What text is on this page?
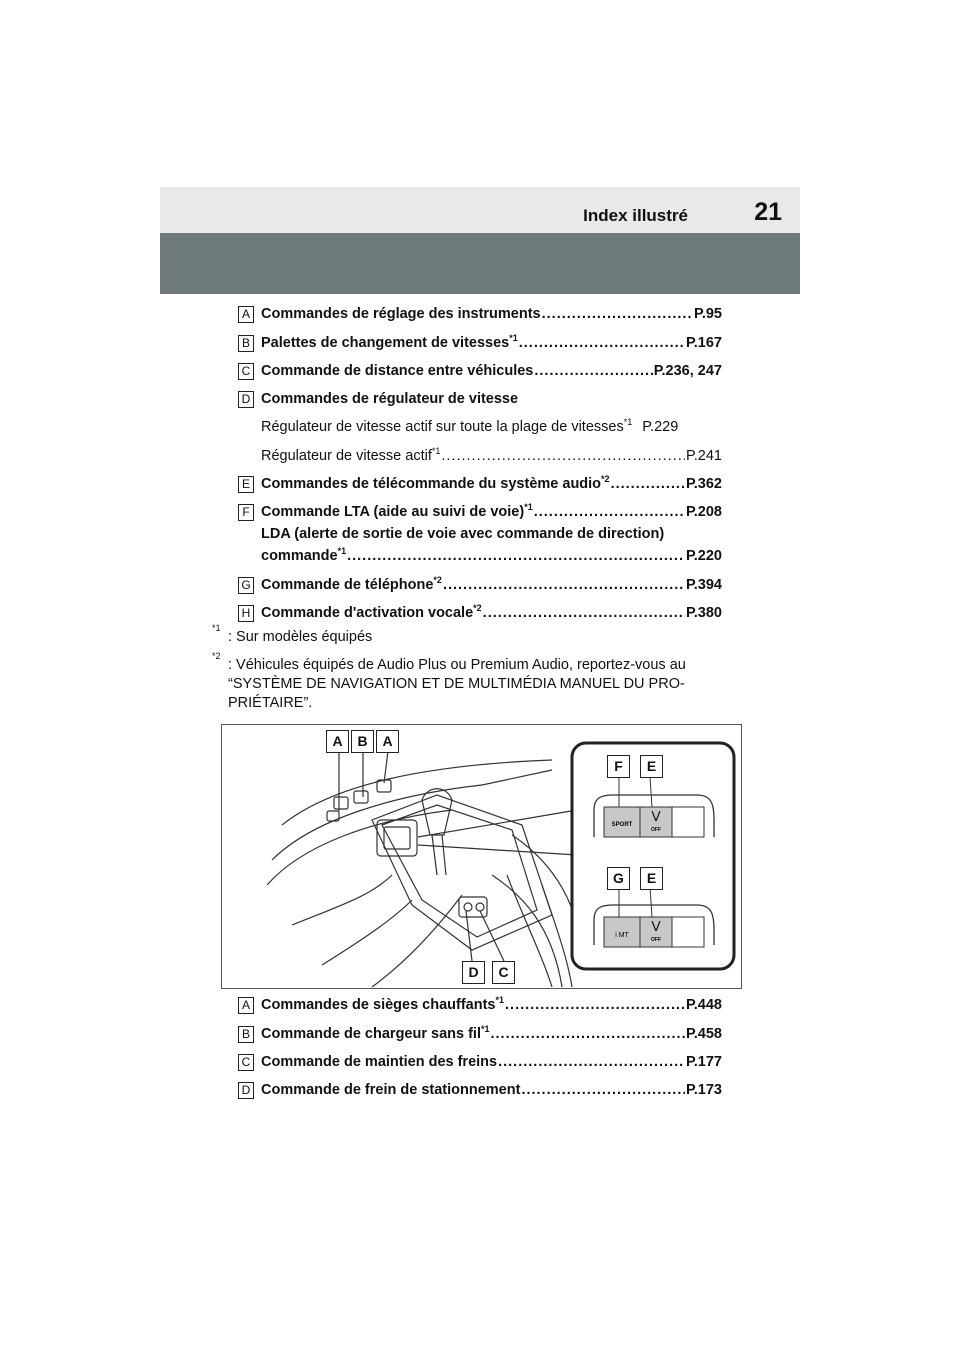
Index illustré	21
A Commandes de réglage des instruments .....	P.95
B Palettes de changement de vitesses$^{*1}$ .....	P.167
C Commande de distance entre véhicules .....	P.236, 247
D Commandes de régulateur de vitesse
Régulateur de vitesse actif sur toute la plage de vitesses$^{*1}$ P.229
Régulateur de vitesse actif$^{*1}$ .....	P.241
E Commandes de télécommande du système audio$^{*2}$ .....	P.362
F Commande LTA (aide au suivi de voie)$^{*1}$ .....	P.208
LDA (alerte de sortie de voie avec commande de direction)
commande$^{*1}$ .....	P.220
G Commande de téléphone$^{*2}$ .....	P.394
H Commande d'activation vocale$^{*2}$ .....	P.380
*1
: Sur modèles équipés
*2
: Véhicules équipés de Audio Plus ou Premium Audio, reportez-vous au “SYSTÈME DE NAVIGATION ET DE MULTIMÉDIA MANUEL DU PRO-PRIÉTAIRE”.
SPORT
OFF
i MT
OFF
A	B	A
D	C
F	E
G	E
A Commandes de sièges chauffants$^{*1}$ .....	P.448
B Commande de chargeur sans fil$^{*1}$ .....	P.458
C Commande de maintien des freins .....	P.177
D Commande de frein de stationnement .....	P.173
